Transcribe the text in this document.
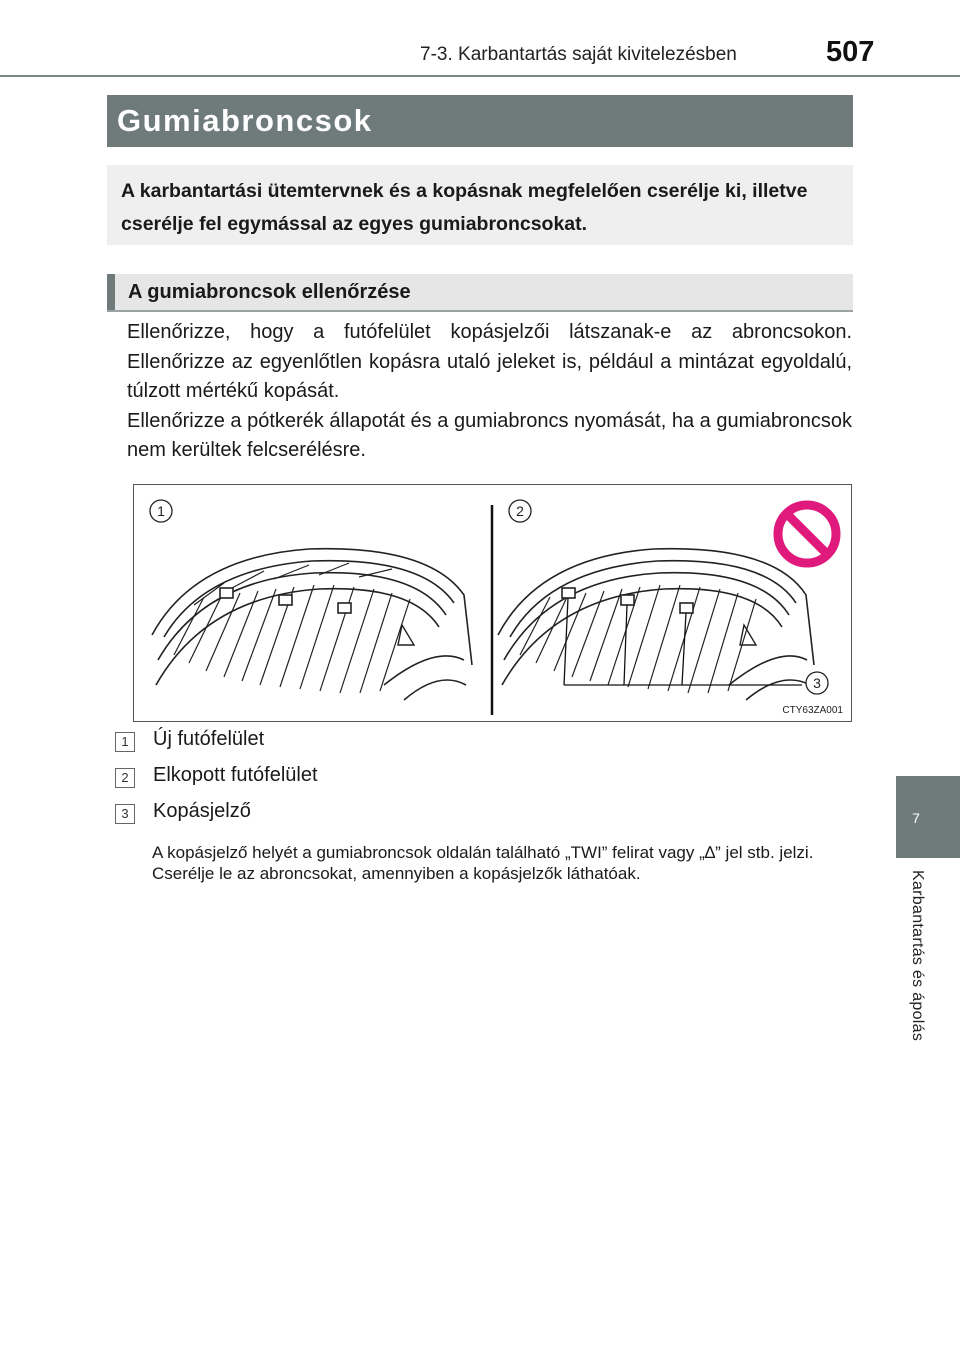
7-3. Karbantartás saját kivitelezésben	507
Gumiabroncsok

A karbantartási ütemtervnek és a kopásnak megfelelően cserélje ki, illetve cserélje fel egymással az egyes gumiabroncsokat.

A gumiabroncsok ellenőrzése

Ellenőrizze, hogy a futófelület kopásjelzői látszanak-e az abroncsokon. Ellenőrizze az egyenlőtlen kopásra utaló jeleket is, például a mintázat egyoldalú, túlzott mértékű kopását.

Ellenőrizze a pótkerék állapotát és a gumiabroncs nyomását, ha a gumiabroncsok nem kerültek felcserélésre.

1	2
3
CTY63ZA001
1	Új futófelület
2	Elkopott futófelület
3	Kopásjelző

A kopásjelző helyét a gumiabroncsok oldalán található „TWI” felirat vagy „∆” jel stb. jelzi.

Cserélje le az abroncsokat, amennyiben a kopásjelzők láthatóak.

7
Karbantartás és ápolás
